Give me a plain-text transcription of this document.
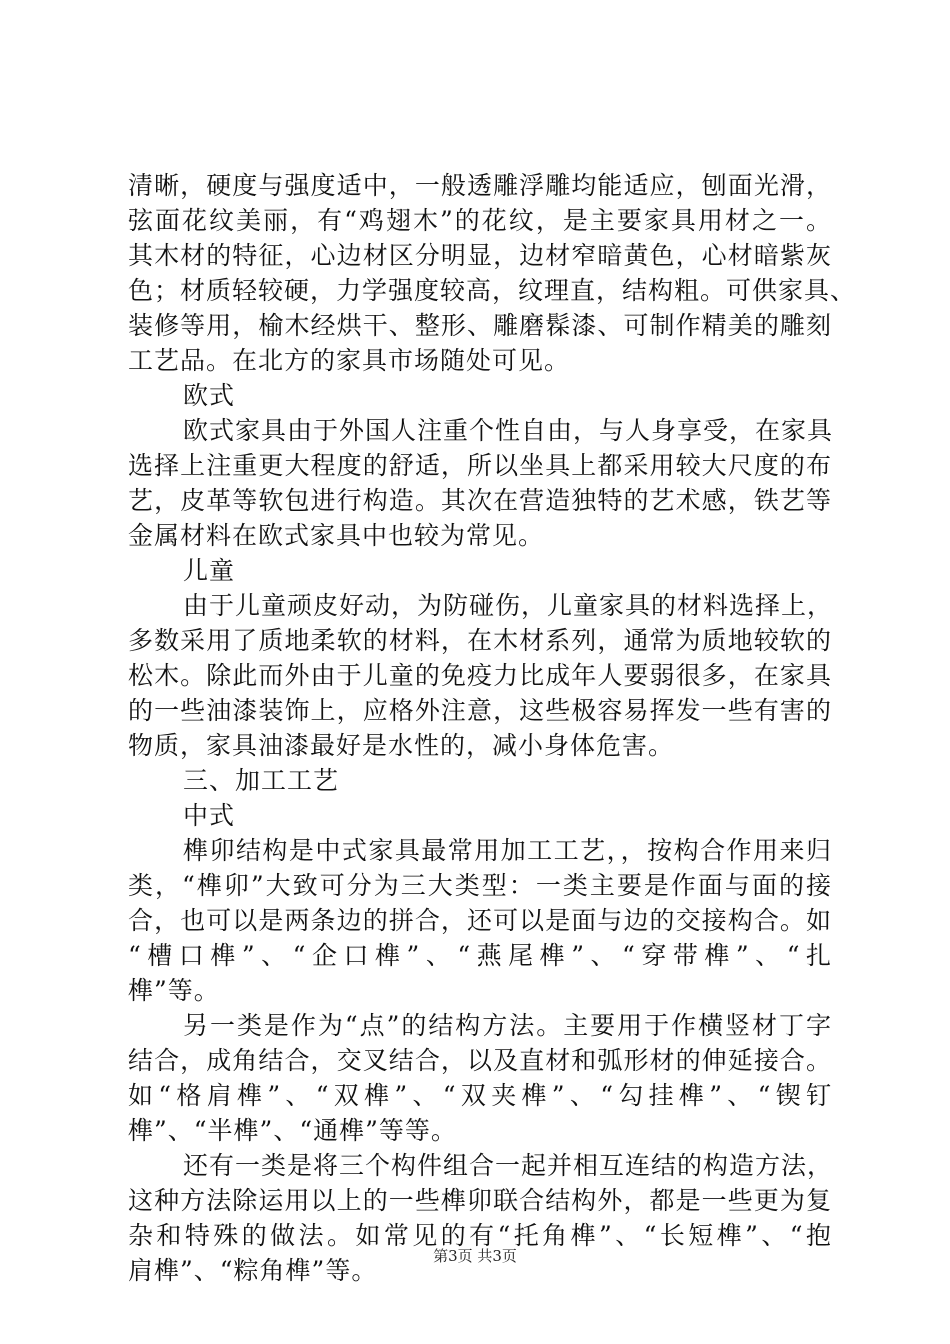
清晰，硬度与强度适中，一般透雕浮雕均能适应，刨面光滑，
弦面花纹美丽，有“鸡翅木”的花纹，是主要家具用材之一。
其木材的特征，心边材区分明显，边材窄暗黄色，心材暗紫灰
色；材质轻较硬，力学强度较高，纹理直，结构粗。可供家具、
装修等用，榆木经烘干、整形、雕磨髹漆、可制作精美的雕刻
工艺品。在北方的家具市场随处可见。
欧式
欧式家具由于外国人注重个性自由，与人身享受，在家具
选择上注重更大程度的舒适，所以坐具上都采用较大尺度的布
艺，皮革等软包进行构造。其次在营造独特的艺术感，铁艺等
金属材料在欧式家具中也较为常见。
儿童
由于儿童顽皮好动，为防碰伤，儿童家具的材料选择上，
多数采用了质地柔软的材料，在木材系列，通常为质地较软的
松木。除此而外由于儿童的免疫力比成年人要弱很多，在家具
的一些油漆装饰上，应格外注意，这些极容易挥发一些有害的
物质，家具油漆最好是水性的，减小身体危害。
三、加工工艺
中式
榫卯结构是中式家具最常用加工工艺，，按构合作用来归
类，“榫卯”大致可分为三大类型：一类主要是作面与面的接
合，也可以是两条边的拼合，还可以是面与边的交接构合。如
“槽口榫”、“企口榫”、“燕尾榫”、“穿带榫”、“扎
榫”等。
另一类是作为“点”的结构方法。主要用于作横竖材丁字
结合，成角结合，交叉结合，以及直材和弧形材的伸延接合。
如“格肩榫”、“双榫”、“双夹榫”、“勾挂榫”、“锲钉
榫”、“半榫”、“通榫”等等。
还有一类是将三个构件组合一起并相互连结的构造方法，
这种方法除运用以上的一些榫卯联合结构外，都是一些更为复
杂和特殊的做法。如常见的有“托角榫”、“长短榫”、“抱
肩榫”、“粽角榫”等。	第3页 共3页
